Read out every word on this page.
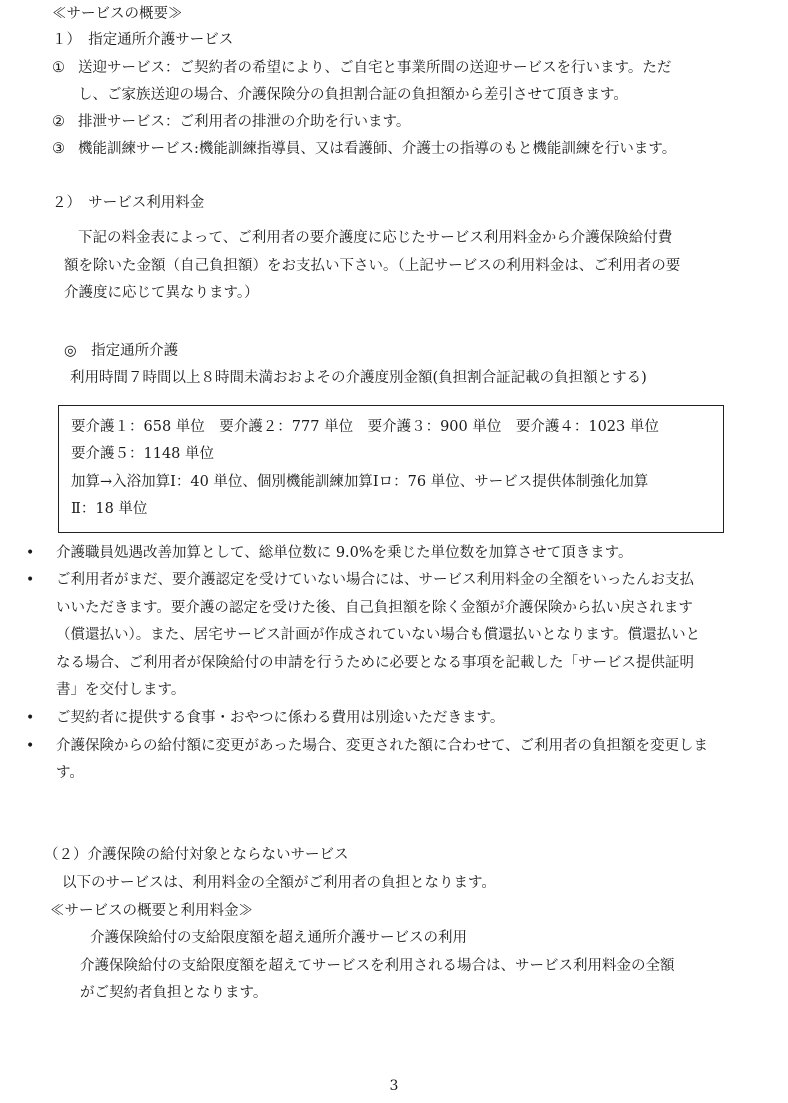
≪サービスの概要≫
１）　指定通所介護サービス
① 送迎サービス：ご契約者の希望により、ご自宅と事業所間の送迎サービスを行います。ただ
し、ご家族送迎の場合、介護保険分の負担割合証の負担額から差引させて頂きます。
② 排泄サービス：ご利用者の排泄の介助を行います。
③ 機能訓練サービス:機能訓練指導員、又は看護師、介護士の指導のもと機能訓練を行います。
２）　サービス利用料金
下記の料金表によって、ご利用者の要介護度に応じたサービス利用料金から介護保険給付費
額を除いた金額（自己負担額）をお支払い下さい。（上記サービスの利用料金は、ご利用者の要
介護度に応じて異なります。）
◎　指定通所介護
利用時間７時間以上８時間未満おおよその介護度別金額(負担割合証記載の負担額とする)
要介護１：658 単位　要介護２：777 単位　要介護３：900 単位　要介護４：1023 単位
要介護５：1148 単位
加算→入浴加算Ⅰ：40 単位、個別機能訓練加算Ⅰロ：76 単位、サービス提供体制強化加算
Ⅱ：18 単位
• 介護職員処遇改善加算として、総単位数に 9.0%を乗じた単位数を加算させて頂きます。
• ご利用者がまだ、要介護認定を受けていない場合には、サービス利用料金の全額をいったんお支払
いいただきます。要介護の認定を受けた後、自己負担額を除く金額が介護保険から払い戻されます
（償還払い）。また、居宅サービス計画が作成されていない場合も償還払いとなります。償還払いと
なる場合、ご利用者が保険給付の申請を行うために必要となる事項を記載した「サービス提供証明
書」を交付します。
• ご契約者に提供する食事・おやつに係わる費用は別途いただきます。
• 介護保険からの給付額に変更があった場合、変更された額に合わせて、ご利用者の負担額を変更しま
す。
（２）介護保険の給付対象とならないサービス
以下のサービスは、利用料金の全額がご利用者の負担となります。
≪サービスの概要と利用料金≫
介護保険給付の支給限度額を超え通所介護サービスの利用
介護保険給付の支給限度額を超えてサービスを利用される場合は、サービス利用料金の全額
がご契約者負担となります。
3
